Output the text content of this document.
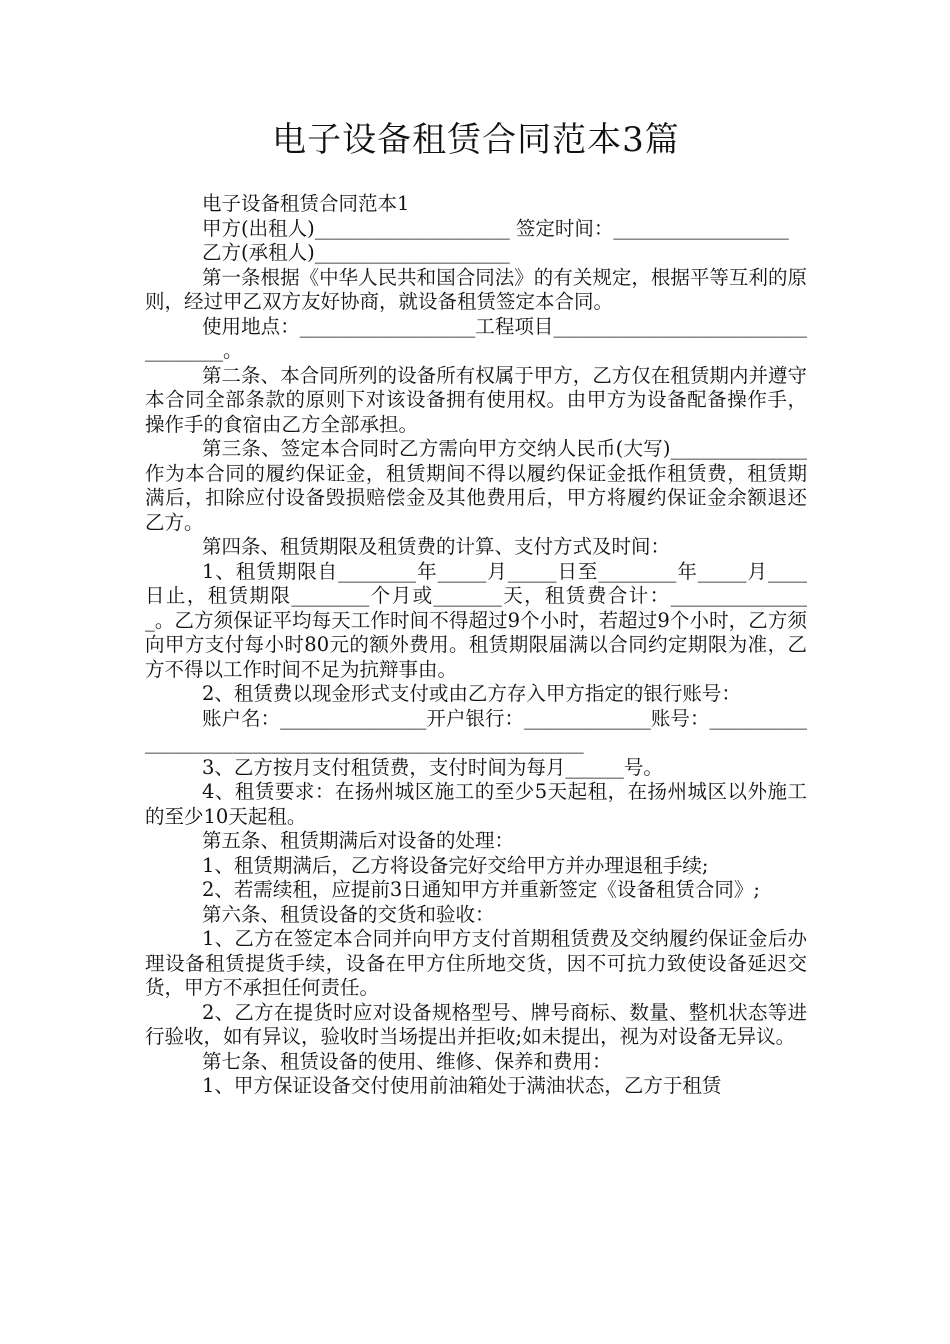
电子设备租赁合同范本3篇

电子设备租赁合同范本1

甲方(出租人)____________________ 签定时间：__________________

乙方(承租人)____________________

第一条根据《中华人民共和国合同法》的有关规定，根据平等互利的原则，经过甲乙双方友好协商，就设备租赁签定本合同。

使用地点：__________________工程项目__________________________________。

第二条、本合同所列的设备所有权属于甲方，乙方仅在租赁期内并遵守本合同全部条款的原则下对该设备拥有使用权。由甲方为设备配备操作手，操作手的食宿由乙方全部承担。

第三条、签定本合同时乙方需向甲方交纳人民币(大写)______________作为本合同的履约保证金，租赁期间不得以履约保证金抵作租赁费，租赁期满后，扣除应付设备毁损赔偿金及其他费用后，甲方将履约保证金余额退还乙方。

第四条、租赁期限及租赁费的计算、支付方式及时间：

1、租赁期限自________年_____月_____日至________年_____月____日止，租赁期限________个月或_______天，租赁费合计：_______________。乙方须保证平均每天工作时间不得超过9个小时，若超过9个小时，乙方须向甲方支付每小时80元的额外费用。租赁期限届满以合同约定期限为准，乙方不得以工作时间不足为抗辩事由。

2、租赁费以现金形式支付或由乙方存入甲方指定的银行账号：

账户名：_______________开户银行：_____________账号：_______________________________________________________

3、乙方按月支付租赁费，支付时间为每月______号。

4、租赁要求：在扬州城区施工的至少5天起租，在扬州城区以外施工的至少10天起租。

第五条、租赁期满后对设备的处理：

1、租赁期满后，乙方将设备完好交给甲方并办理退租手续;

2、若需续租，应提前3日通知甲方并重新签定《设备租赁合同》;

第六条、租赁设备的交货和验收：

1、乙方在签定本合同并向甲方支付首期租赁费及交纳履约保证金后办理设备租赁提货手续，设备在甲方住所地交货，因不可抗力致使设备延迟交货，甲方不承担任何责任。

2、乙方在提货时应对设备规格型号、牌号商标、数量、整机状态等进行验收，如有异议，验收时当场提出并拒收;如未提出，视为对设备无异议。

第七条、租赁设备的使用、维修、保养和费用：

1、甲方保证设备交付使用前油箱处于满油状态，乙方于租赁
